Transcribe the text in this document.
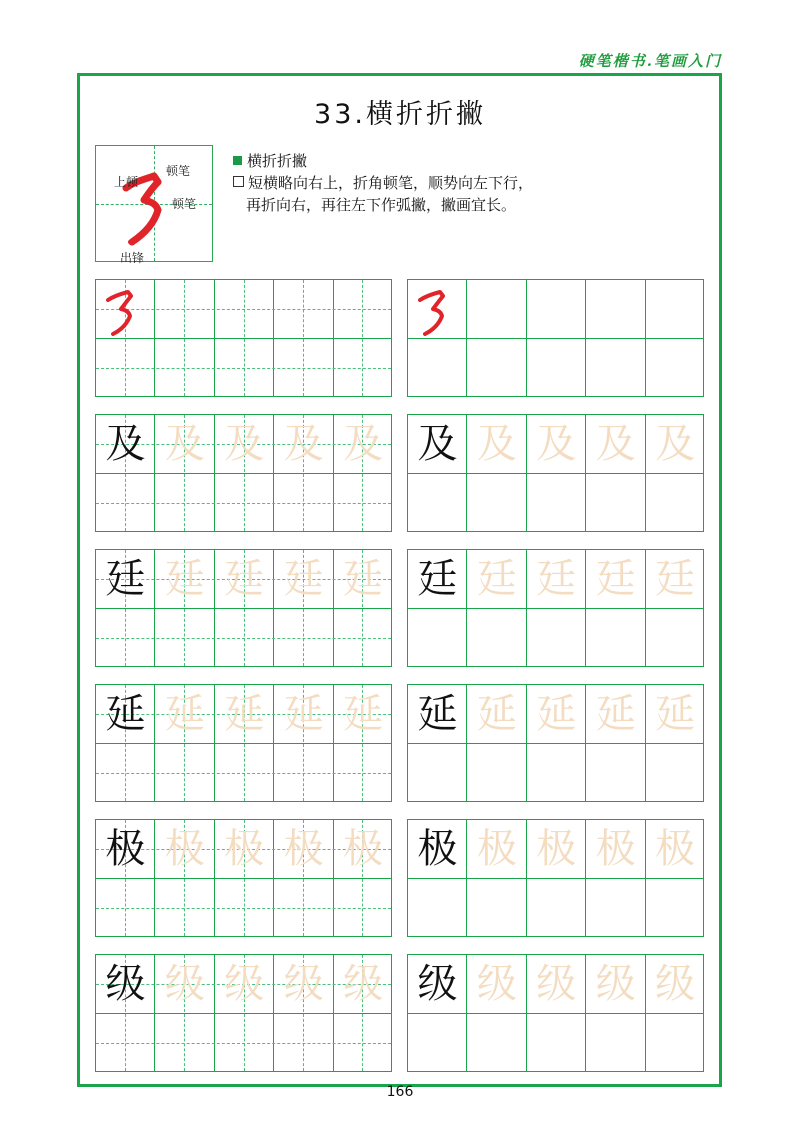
硬笔楷书.笔画入门
33.横折折撇
上顿
顿笔
顿笔
出锋
横折折撇
短横略向右上，折角顿笔，顺势向左下行，
再折向右，再往左下作弧撇，撇画宜长。
及 及 及 及 及 及 及 及 及 及
廷 廷 廷 廷 廷 廷 廷 廷 廷 廷
延 延 延 延 延 延 延 延 延 延
极 极 极 极 极 极 极 极 极 极
级 级 级 级 级 级 级 级 级 级
166
